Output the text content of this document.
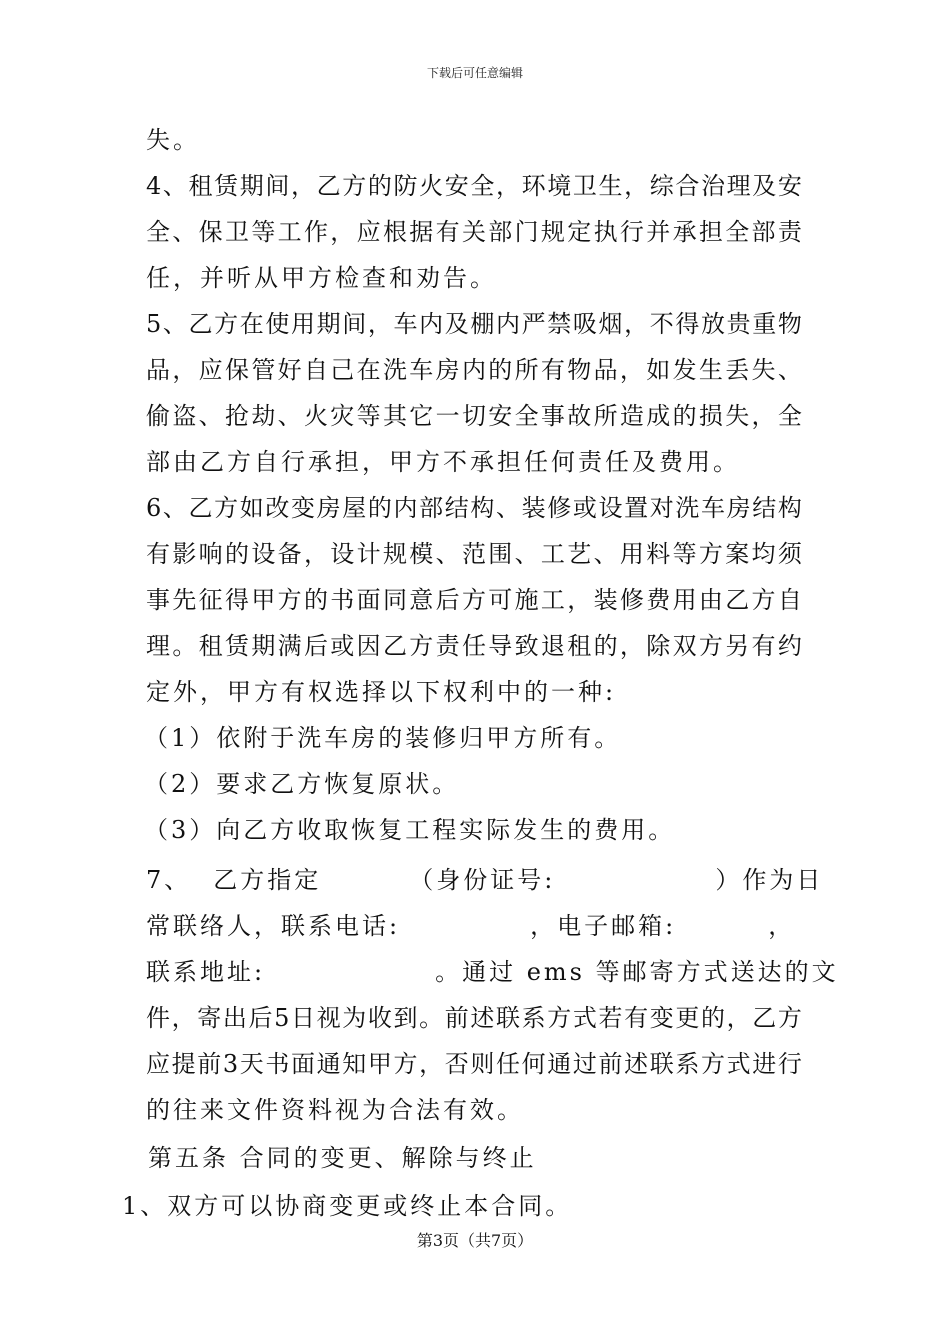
下载后可任意编辑
失。
4 、 租 赁 期 间 ， 乙 方 的 防 火 安 全 ， 环 境 卫 生 ， 综 合 治 理 及 安
全 、 保 卫 等 工 作 ， 应 根 据 有 关 部 门 规 定 执 行 并 承 担 全 部 责
任，并听从甲方检查和劝告。
5 、 乙 方 在 使 用 期 间 ， 车 内 及 棚 内 严 禁 吸 烟 ， 不 得 放 贵 重 物
品 ， 应 保 管 好 自 己 在 洗 车 房 内 的 所 有 物 品 ， 如 发 生 丢 失 、
偷 盗 、 抢 劫 、 火 灾 等 其 它 一 切 安 全 事 故 所 造 成 的 损 失 ， 全
部由乙方自行承担，甲方不承担任何责任及费用。
6 、 乙 方 如 改 变 房 屋 的 内 部 结 构 、 装 修 或 设 置 对 洗 车 房 结 构
有 影 响 的 设 备 ， 设 计 规 模 、 范 围 、 工 艺 、 用 料 等 方 案 均 须
事 先 征 得 甲 方 的 书 面 同 意 后 方 可 施 工 ， 装 修 费 用 由 乙 方 自
理 。 租 赁 期 满 后 或 因 乙 方 责 任 导 致 退 租 的 ， 除 双 方 另 有 约
定外，甲方有权选择以下权利中的一种:
（1）依附于洗车房的装修归甲方所有。
（2）要求乙方恢复原状。
（3）向乙方收取恢复工程实际发生的费用。
7、 乙方指定	（身份证号:	）作为日
常联络人，联系电话:	，电子邮箱:	，
联系地址:	。通过 ems 等邮寄方式送达的文
件 ， 寄 出 后 5 日 视 为 收 到 。 前 述 联 系 方 式 若 有 变 更 的 ， 乙 方
应 提 前 3 天 书 面 通 知 甲 方 ， 否 则 任 何 通 过 前 述 联 系 方 式 进 行
的往来文件资料视为合法有效。
第五条 合同的变更、解除与终止
1、双方可以协商变更或终止本合同。
第3页（共7页）
